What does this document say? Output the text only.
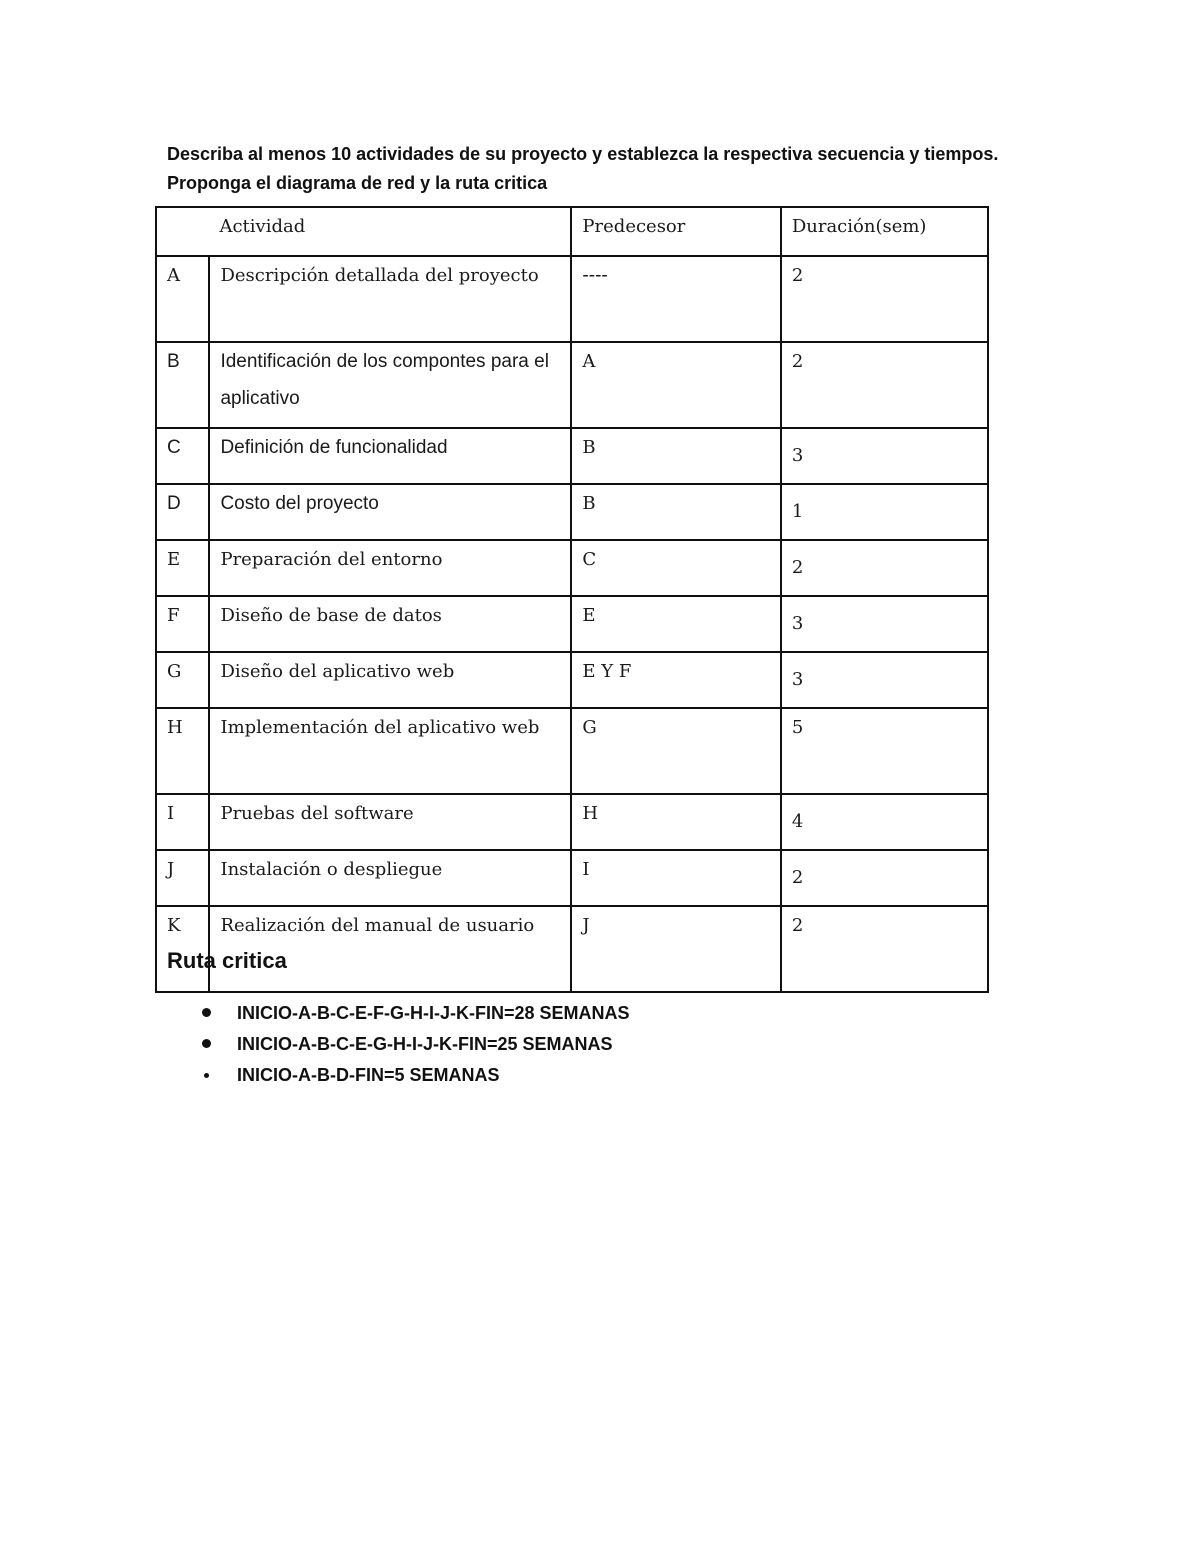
Describa al menos 10 actividades de su proyecto y establezca la respectiva secuencia y tiempos.
Proponga el diagrama de red y la ruta critica
	Actividad	Predecesor	Duración(sem)
A	Descripción detallada del proyecto	----	2
B	Identificación de los compontes para el aplicativo	A	2
C	Definición de funcionalidad	B	3
D	Costo del proyecto	B	1
E	Preparación del entorno	C	2
F	Diseño de base de datos	E	3
G	Diseño del aplicativo web	E Y F	3
H	Implementación del aplicativo web	G	5
I	Pruebas del software	H	4
J	Instalación o despliegue	I	2
K	Realización del manual de usuario	J	2
Ruta critica
INICIO-A-B-C-E-F-G-H-I-J-K-FIN=28 SEMANAS
INICIO-A-B-C-E-G-H-I-J-K-FIN=25 SEMANAS
INICIO-A-B-D-FIN=5 SEMANAS
